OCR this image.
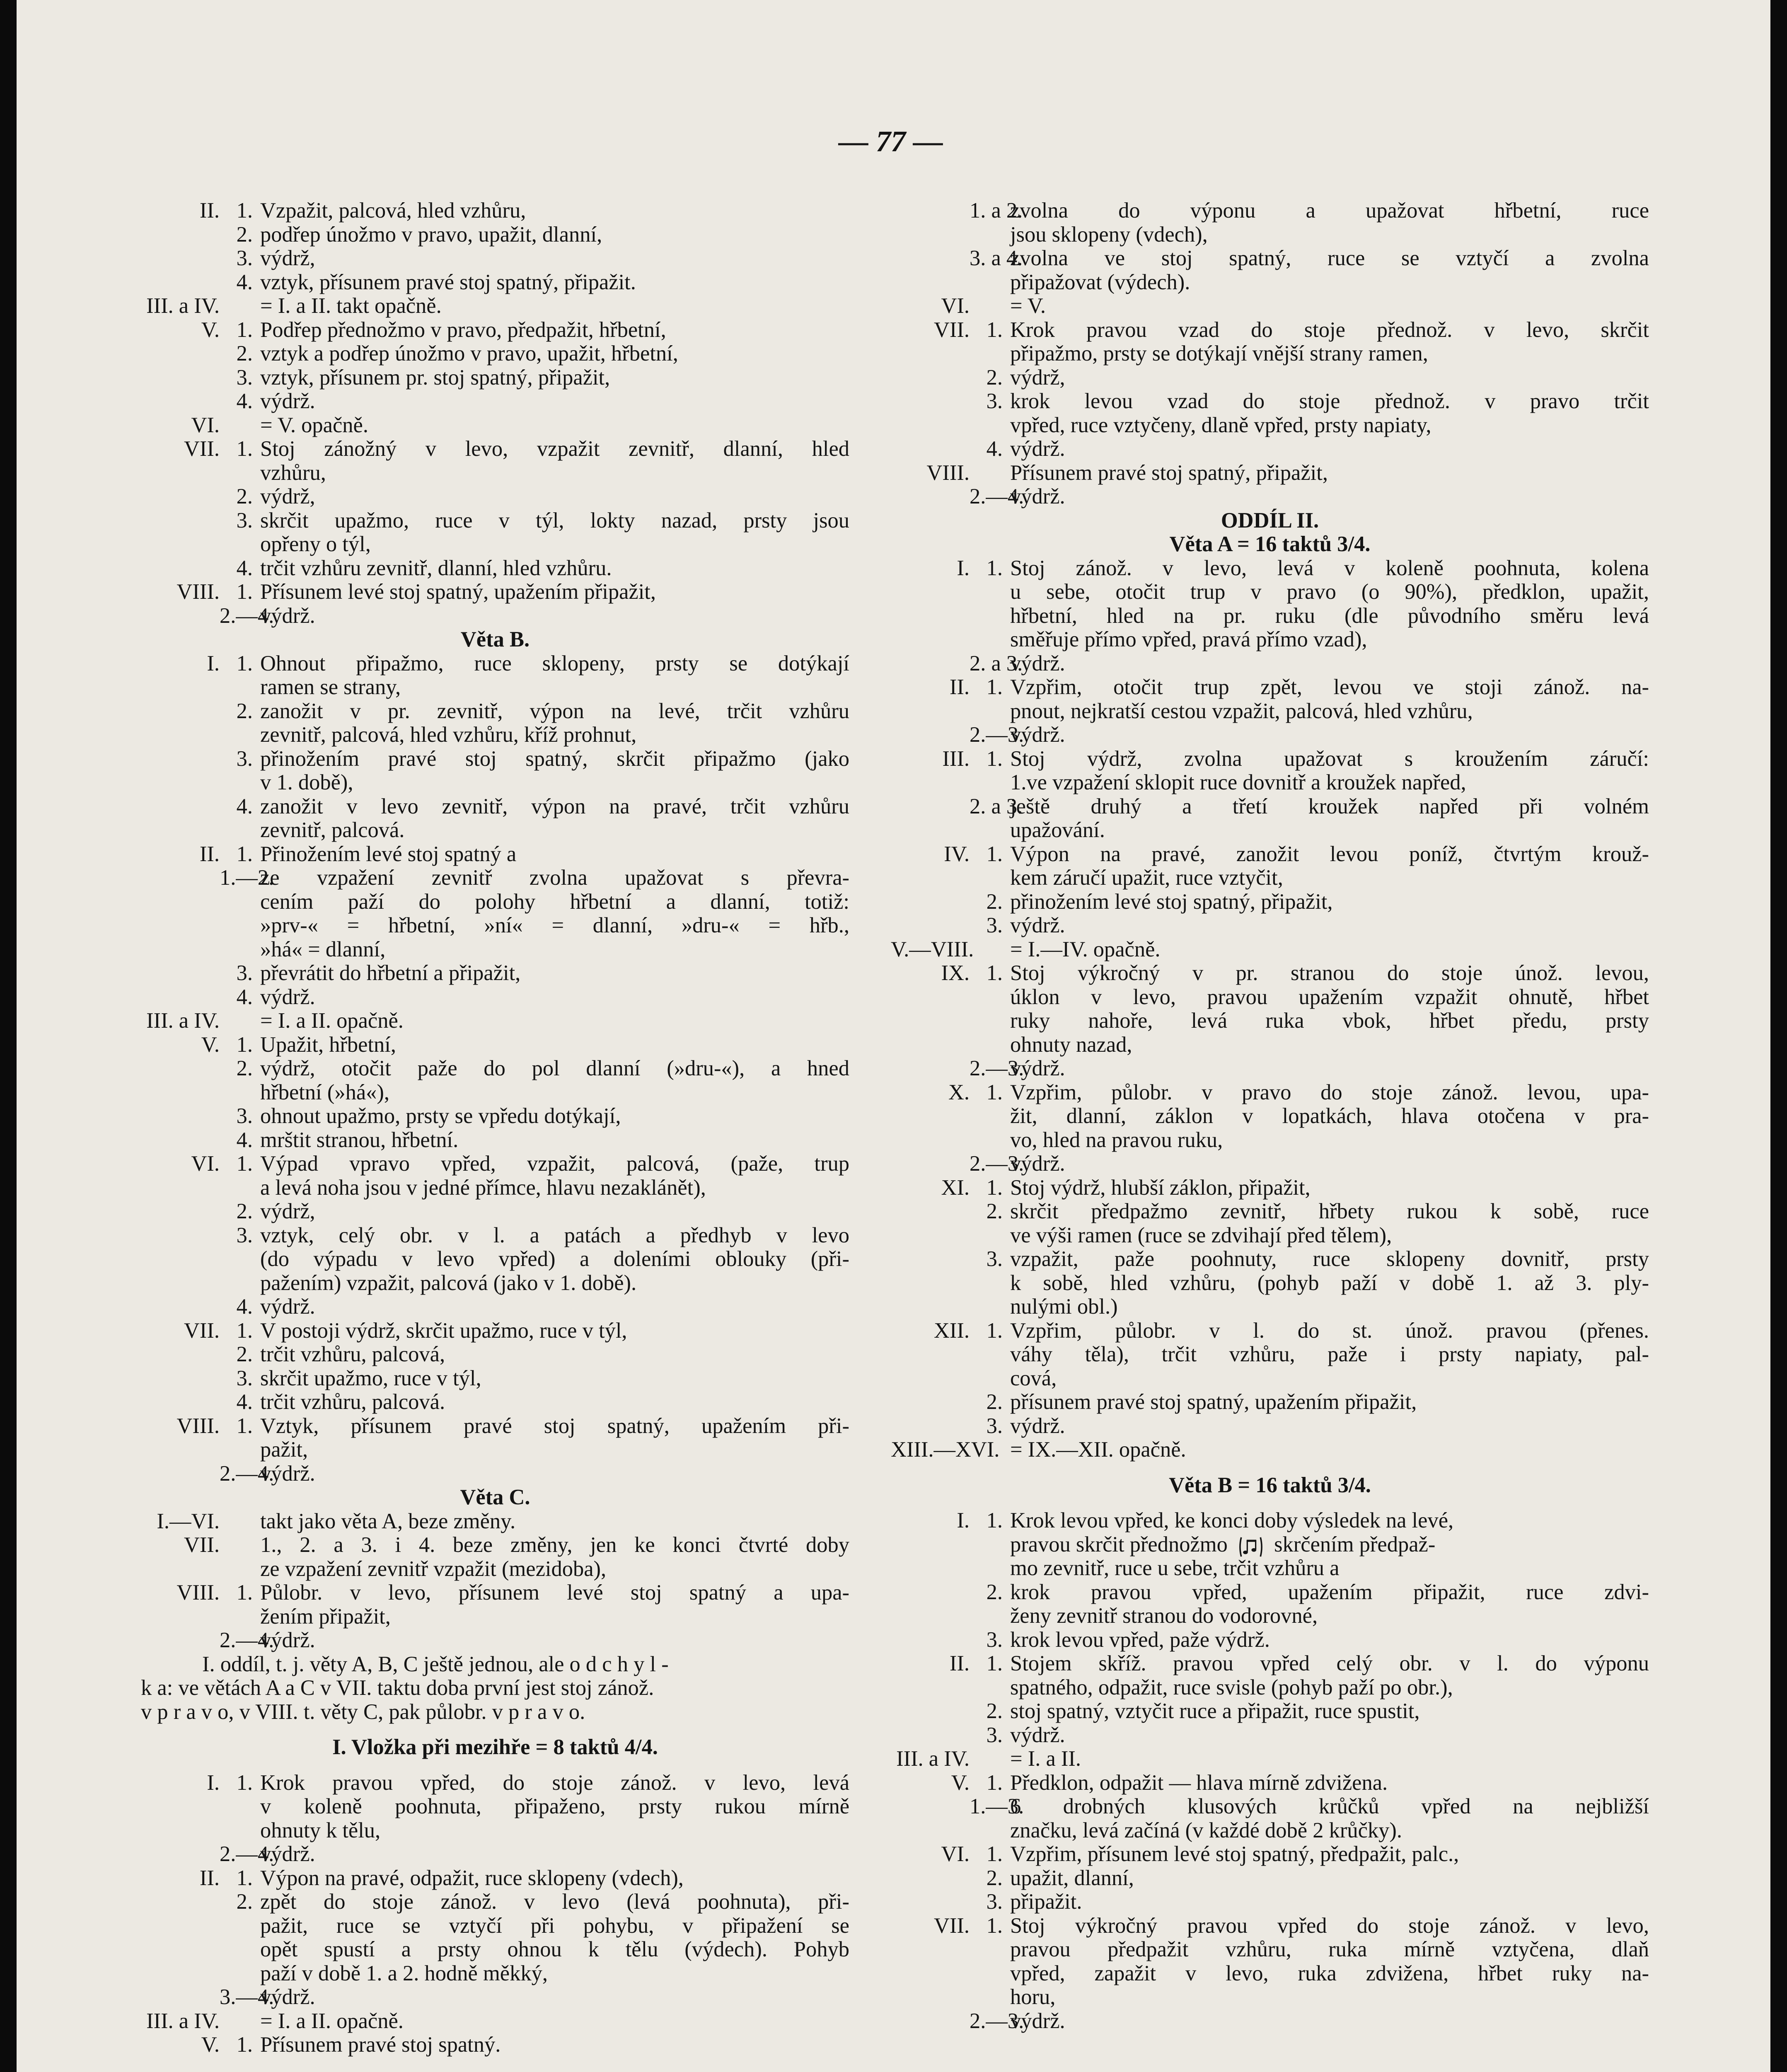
— 77 —
II. 1. Vzpažit, palcová, hled vzhůru,
2. podřep únožmo v pravo, upažit, dlanní,
3. výdrž,
4. vztyk, přísunem pravé stoj spatný, připažit.
III. a IV. = I. a II. takt opačně.
V. 1. Podřep přednožmo v pravo, předpažit, hřbetní,
2. vztyk a podřep únožmo v pravo, upažit, hřbetní,
3. vztyk, přísunem pr. stoj spatný, připažit,
4. výdrž.
VI. = V. opačně.
VII. 1. Stoj zánožný v levo, vzpažit zevnitř, dlanní, hled
vzhůru,
2. výdrž,
3. skrčit upažmo, ruce v týl, lokty nazad, prsty jsou
opřeny o týl,
4. trčit vzhůru zevnitř, dlanní, hled vzhůru.
VIII. 1. Přísunem levé stoj spatný, upažením připažit,
2.—4.
výdrž.
Věta B.
I. 1. Ohnout připažmo, ruce sklopeny, prsty se dotýkají
ramen se strany,
2. zanožit v pr. zevnitř, výpon na levé, trčit vzhůru
zevnitř, palcová, hled vzhůru, kříž prohnut,
3. přinožením pravé stoj spatný, skrčit připažmo (jako
v 1. době),
4. zanožit v levo zevnitř, výpon na pravé, trčit vzhůru
zevnitř, palcová.
II. 1. Přinožením levé stoj spatný a
1.—2.
ze vzpažení zevnitř zvolna upažovat s převra-
cením paží do polohy hřbetní a dlanní, totiž:
»prv-« = hřbetní, »ní« = dlanní, »dru-« = hřb.,
»há« = dlanní,
3. převrátit do hřbetní a připažit,
4. výdrž.
III. a IV. = I. a II. opačně.
V. 1. Upažit, hřbetní,
2. výdrž, otočit paže do pol dlanní (»dru-«), a hned
hřbetní (»há«),
3. ohnout upažmo, prsty se vpředu dotýkají,
4. mrštit stranou, hřbetní.
VI. 1. Výpad vpravo vpřed, vzpažit, palcová, (paže, trup
a levá noha jsou v jedné přímce, hlavu nezaklánět),
2. výdrž,
3. vztyk, celý obr. v l. a patách a předhyb v levo
(do výpadu v levo vpřed) a doleními oblouky (při-
pažením) vzpažit, palcová (jako v 1. době).
4. výdrž.
VII. 1. V postoji výdrž, skrčit upažmo, ruce v týl,
2. trčit vzhůru, palcová,
3. skrčit upažmo, ruce v týl,
4. trčit vzhůru, palcová.
VIII. 1. Vztyk, přísunem pravé stoj spatný, upažením při-
pažit,
2.—4.
výdrž.
Věta C.
I.—VI. takt jako věta A, beze změny.
VII. 1., 2. a 3. i 4. beze změny, jen ke konci čtvrté doby
ze vzpažení zevnitř vzpažit (mezidoba),
VIII. 1. Půlobr. v levo, přísunem levé stoj spatný a upa-
žením připažit,
2.—4.
výdrž.
I. oddíl, t. j. věty A, B, C ještě jednou, ale o d c h y l -
k a: ve větách A a C v VII. taktu doba první jest stoj zánož.
v p r a v o, v VIII. t. věty C, pak půlobr. v p r a v o.
I. Vložka při mezihře = 8 taktů 4/4.
I. 1. Krok pravou vpřed, do stoje zánož. v levo, levá
v koleně poohnuta, připaženo, prsty rukou mírně
ohnuty k tělu,
2.—4.
výdrž.
II. 1. Výpon na pravé, odpažit, ruce sklopeny (vdech),
2. zpět do stoje zánož. v levo (levá poohnuta), při-
pažit, ruce se vztyčí při pohybu, v připažení se
opět spustí a prsty ohnou k tělu (výdech). Pohyb
paží v době 1. a 2. hodně měkký,
3.—4.
výdrž.
III. a IV. = I. a II. opačně.
V. 1. Přísunem pravé stoj spatný.
1. a 2.
zvolna do výponu a upažovat hřbetní, ruce
jsou sklopeny (vdech),
3. a 4.
zvolna ve stoj spatný, ruce se vztyčí a zvolna
připažovat (výdech).
VI. = V.
VII. 1. Krok pravou vzad do stoje přednož. v levo, skrčit
připažmo, prsty se dotýkají vnější strany ramen,
2. výdrž,
3. krok levou vzad do stoje přednož. v pravo trčit
vpřed, ruce vztyčeny, dlaně vpřed, prsty napiaty,
4. výdrž.
VIII. Přísunem pravé stoj spatný, připažit,
2.—4.
výdrž.
ODDÍL II.
Věta A = 16 taktů 3/4.
I. 1. Stoj zánož. v levo, levá v koleně poohnuta, kolena
u sebe, otočit trup v pravo (o 90%), předklon, upažit,
hřbetní, hled na pr. ruku (dle původního směru levá
směřuje přímo vpřed, pravá přímo vzad),
2. a 3.
výdrž.
II. 1. Vzpřim, otočit trup zpět, levou ve stoji zánož. na-
pnout, nejkratší cestou vzpažit, palcová, hled vzhůru,
2.—3.
výdrž.
III. 1. Stoj výdrž, zvolna upažovat s kroužením záručí:
1.ve vzpažení sklopit ruce dovnitř a kroužek napřed,
2. a 3.
ještě druhý a třetí kroužek napřed při volném
upažování.
IV. 1. Výpon na pravé, zanožit levou poníž, čtvrtým krouž-
kem záručí upažit, ruce vztyčit,
2. přinožením levé stoj spatný, připažit,
3. výdrž.
V.—VIII. = I.—IV. opačně.
IX. 1. Stoj výkročný v pr. stranou do stoje únož. levou,
úklon v levo, pravou upažením vzpažit ohnutě, hřbet
ruky nahoře, levá ruka vbok, hřbet předu, prsty
ohnuty nazad,
2.—3.
výdrž.
X. 1. Vzpřim, půlobr. v pravo do stoje zánož. levou, upa-
žit, dlanní, záklon v lopatkách, hlava otočena v pra-
vo, hled na pravou ruku,
2.—3.
výdrž.
XI. 1. Stoj výdrž, hlubší záklon, připažit,
2. skrčit předpažmo zevnitř, hřbety rukou k sobě, ruce
ve výši ramen (ruce se zdvihají před tělem),
3. vzpažit, paže poohnuty, ruce sklopeny dovnitř, prsty
k sobě, hled vzhůru, (pohyb paží v době 1. až 3. ply-
nulými obl.)
XII. 1. Vzpřim, půlobr. v l. do st. únož. pravou (přenes.
váhy těla), trčit vzhůru, paže i prsty napiaty, pal-
cová,
2. přísunem pravé stoj spatný, upažením připažit,
3. výdrž.
XIII.—XVI. = IX.—XII. opačně.
Věta B = 16 taktů 3/4.
I. 1. Krok levou vpřed, ke konci doby výsledek na levé,
pravou skrčit přednožmo skrčením předpaž-
mo zevnitř, ruce u sebe, trčit vzhůru a
2. krok pravou vpřed, upažením připažit, ruce zdvi-
ženy zevnitř stranou do vodorovné,
3. krok levou vpřed, paže výdrž.
II. 1. Stojem skříž. pravou vpřed celý obr. v l. do výponu
spatného, odpažit, ruce svisle (pohyb paží po obr.),
2. stoj spatný, vztyčit ruce a připažit, ruce spustit,
3. výdrž.
III. a IV. = I. a II.
V. 1. Předklon, odpažit — hlava mírně zdvižena.
1.—3.
6 drobných klusových krůčků vpřed na nejbližší
značku, levá začíná (v každé době 2 krůčky).
VI. 1. Vzpřim, přísunem levé stoj spatný, předpažit, palc.,
2. upažit, dlanní,
3. připažit.
VII. 1. Stoj výkročný pravou vpřed do stoje zánož. v levo,
pravou předpažit vzhůru, ruka mírně vztyčena, dlaň
vpřed, zapažit v levo, ruka zdvižena, hřbet ruky na-
horu,
2.—3.
výdrž.
